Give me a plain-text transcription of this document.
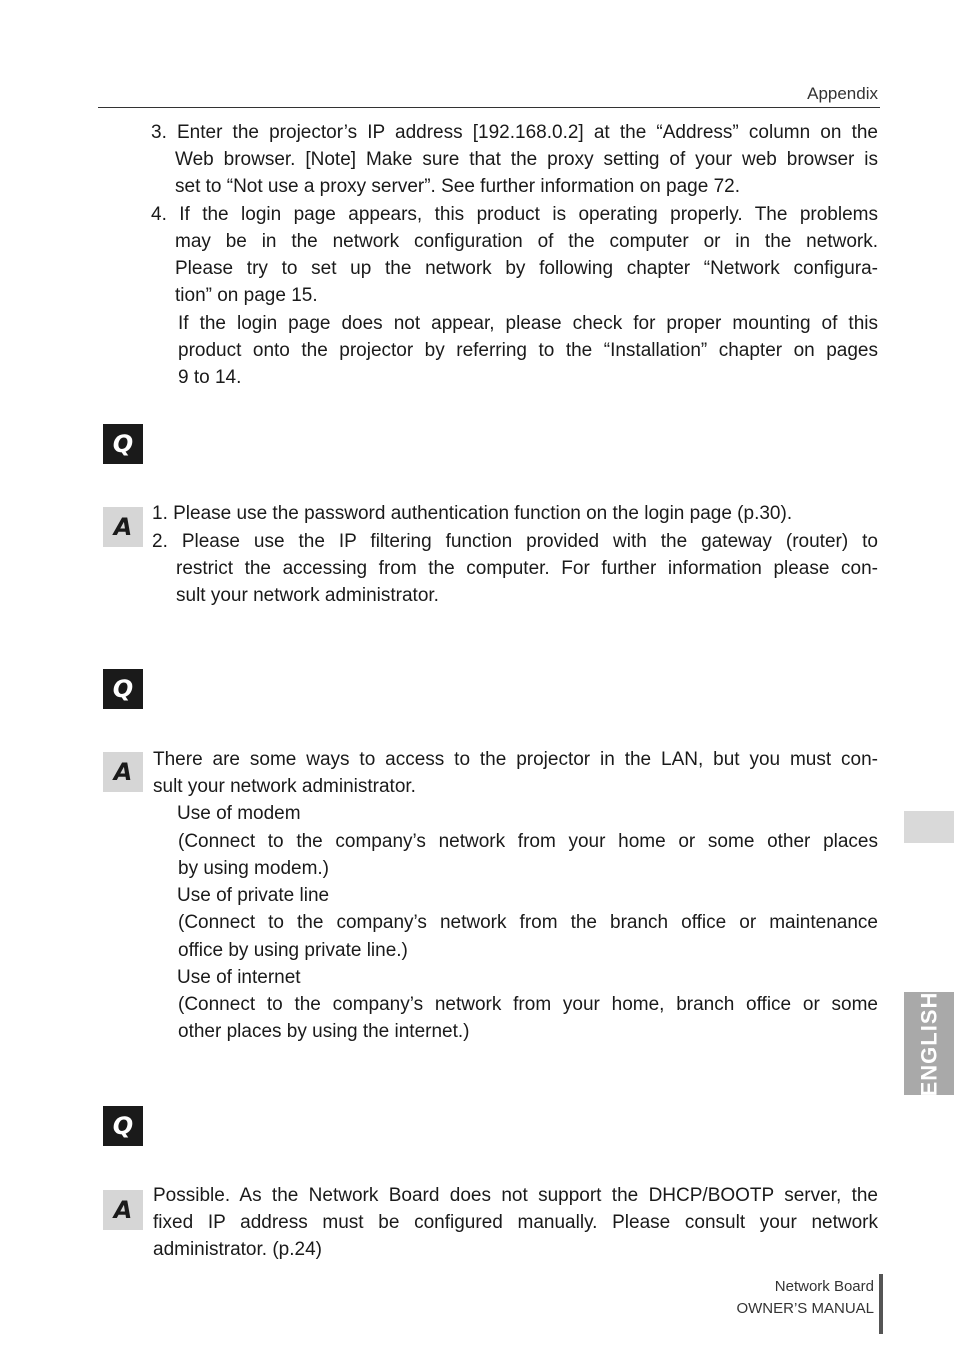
Appendix
3. Enter the projector’s IP address [192.168.0.2] at the “Address” column on the
Web browser. [Note] Make sure that the proxy setting of your web browser is
set to “Not use a proxy server”. See further information on page 72.
4. If the login page appears, this product is operating properly. The problems
may be in the network configuration of the computer or in the network.
Please try to set up the network by following chapter “Network configura-
tion” on page 15.
If the login page does not appear, please check for proper mounting of this
product onto the projector by referring to the “Installation” chapter on pages
9 to 14.
Q
A	1. Please use the password authentication function on the login page (p.30).
2. Please use the IP filtering function provided with the gateway (router) to
restrict the accessing from the computer. For further information please con-
sult your network administrator.
Q
A	There are some ways to access to the projector in the LAN, but you must con-
sult your network administrator.
Use of modem
(Connect to the company’s network from your home or some other places
by using modem.)
Use of private line
(Connect to the company’s network from the branch office or maintenance
office by using private line.)
Use of internet
(Connect to the company’s network from your home, branch office or some
other places by using the internet.)
Q
A
Possible. As the Network Board does not support the DHCP/BOOTP server, the
fixed IP address must be configured manually. Please consult your network
administrator. (p.24)
ENGLISH
Network Board
OWNER’S MANUAL
